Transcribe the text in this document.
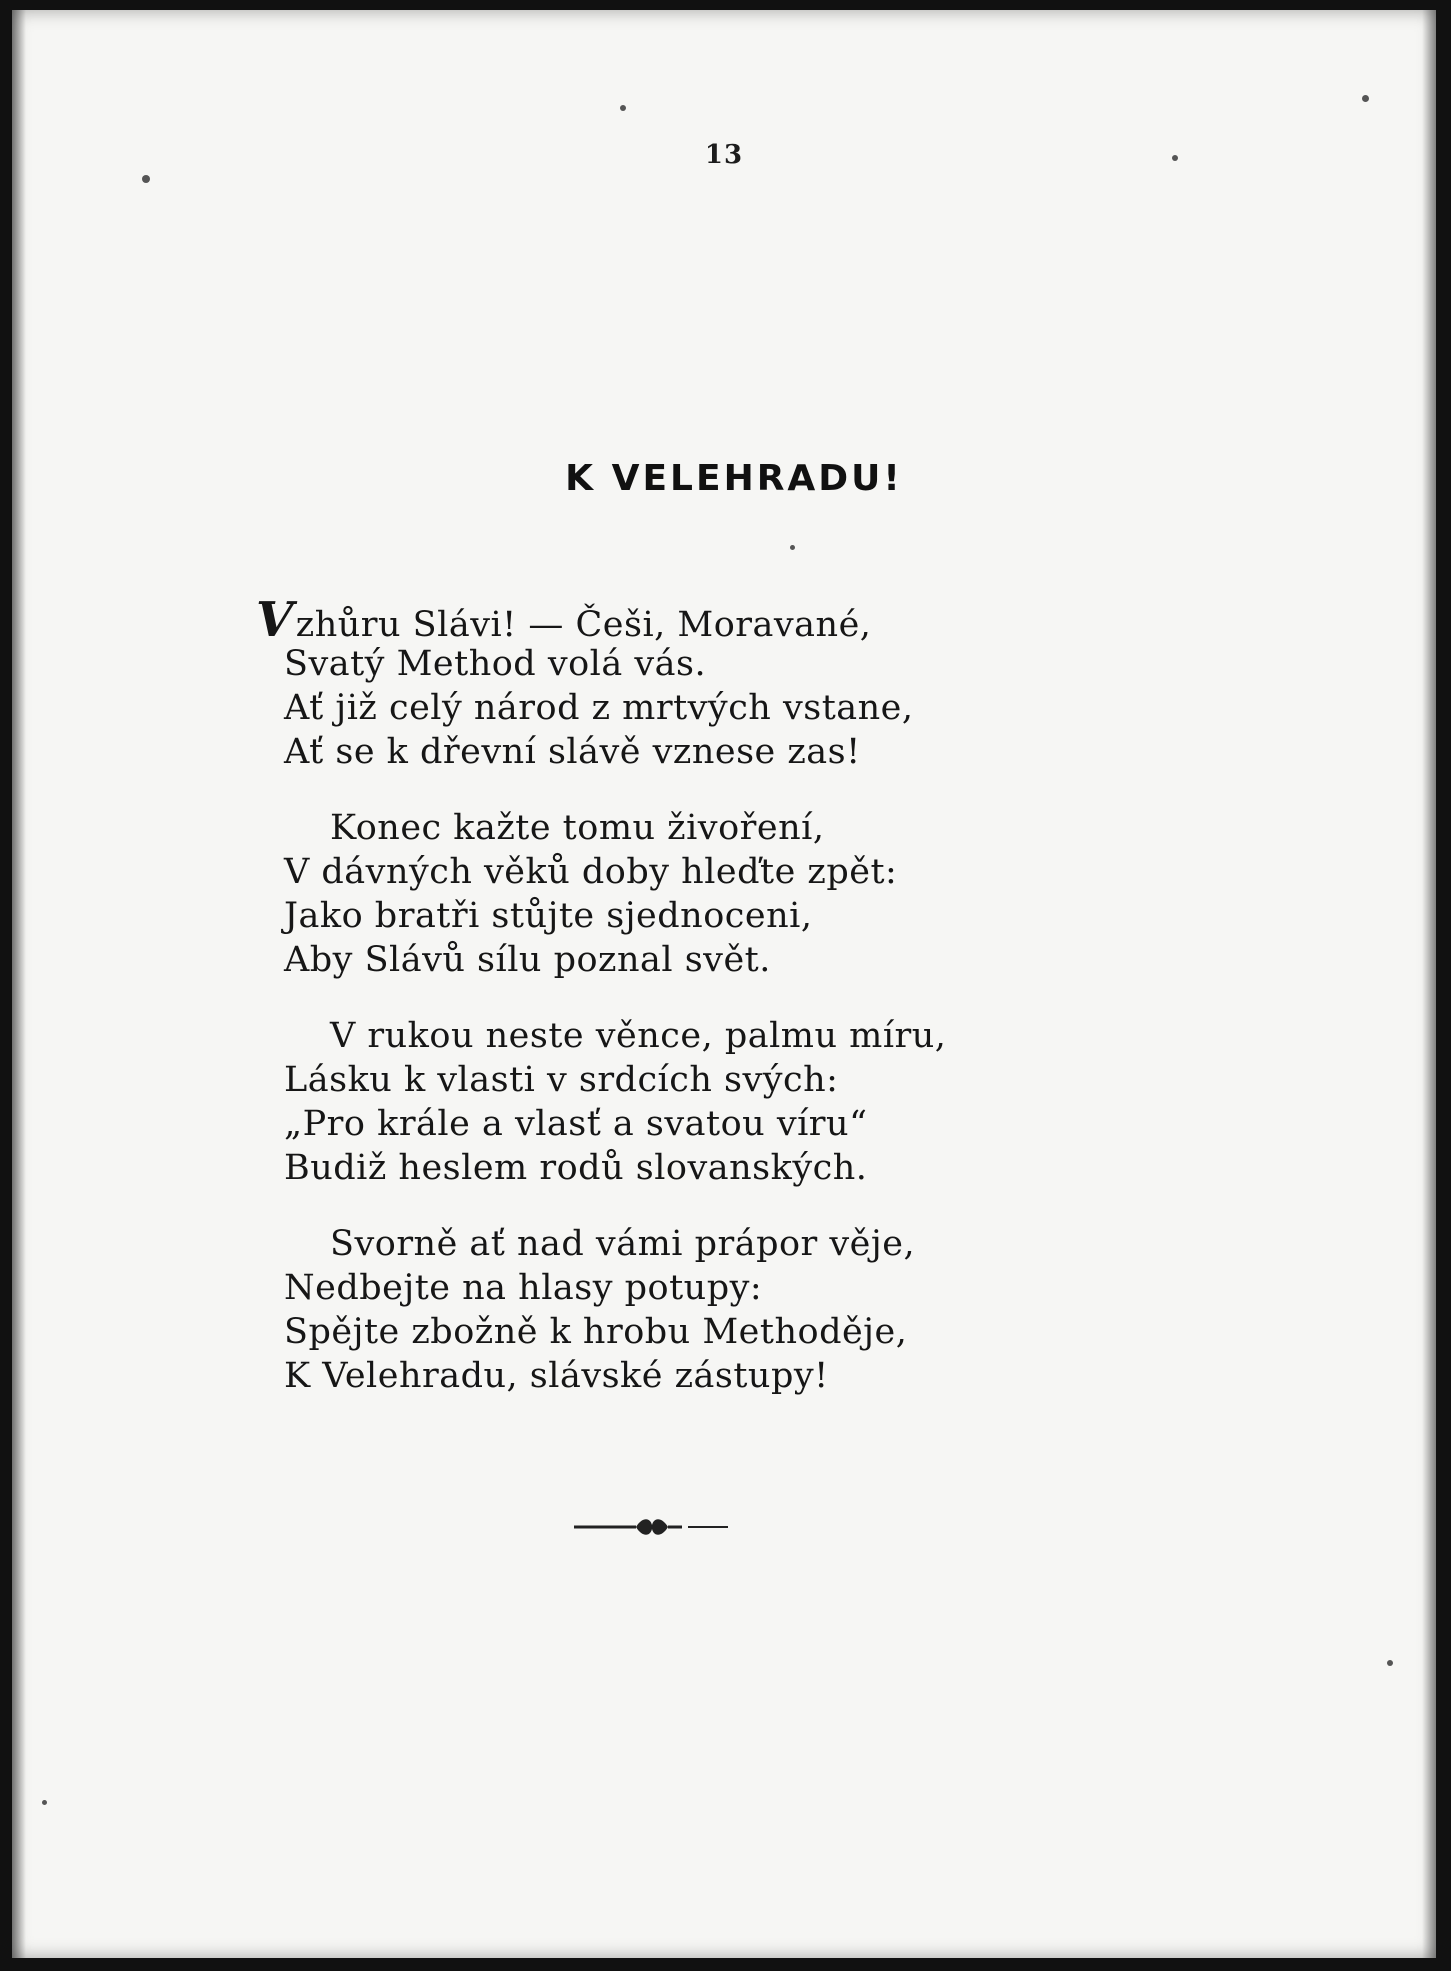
13
K VELEHRADU!
Vzhůru Slávi! — Češi, Moravané,
Svatý Method volá vás.
Ať již celý národ z mrtvých vstane,
Ať se k dřevní slávě vznese zas!
Konec kažte tomu živoření,
V dávných věků doby hleďte zpět:
Jako bratři stůjte sjednoceni,
Aby Slávů sílu poznal svět.
V rukou neste věnce, palmu míru,
Lásku k vlasti v srdcích svých:
„Pro krále a vlasť a svatou víru“
Budiž heslem rodů slovanských.
Svorně ať nad vámi prápor věje,
Nedbejte na hlasy potupy:
Spějte zbožně k hrobu Methoděje,
K Velehradu, slávské zástupy!
